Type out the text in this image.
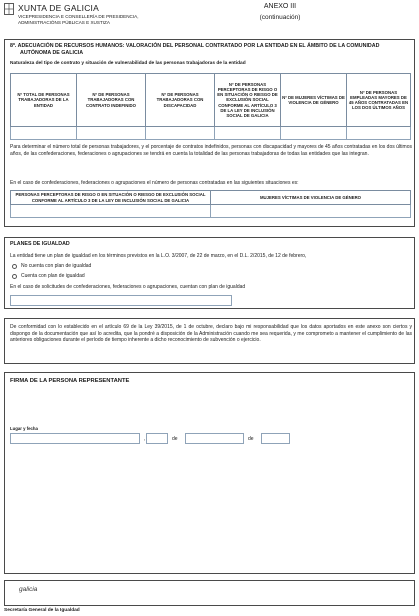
XUNTA DE GALICIA
VICEPRESIDENCIA E CONSELLERÍA DE PRESIDENCIA,
ADMINISTRACIÓNS PÚBLICAS E XUSTIZA
ANEXO III
(continuación)
8º. ADECUACIÓN DE RECURSOS HUMANOS: VALORACIÓN DEL PERSONAL CONTRATADO POR LA ENTIDAD EN EL ÁMBITO DE LA COMUNIDAD
AUTÓNOMA DE GALICIA
Naturaleza del tipo de contrato y situación de vulnerabilidad de las personas trabajadoras de la entidad
Nº TOTAL DE PERSONAS TRABAJADORAS DE LA ENTIDAD	Nº DE PERSONAS TRABAJADORAS CON CONTRATO INDEFINIDO	Nº DE PERSONAS TRABAJADORAS CON DISCAPACIDAD	Nº DE PERSONAS PERCEPTORAS DE RISGO O EN SITUACIÓN O RIESGO DE EXCLUSIÓN SOCIAL CONFORME AL ARTÍCULO 3 DE LA LEY DE INCLUSIÓN SOCIAL DE GALICIA	Nº DE MUJERES VÍCTIMAS DE VIOLENCIA DE GÉNERO	Nº DE PERSONAS EMPLEADAS MAYORES DE 45 AÑOS CONTRATADAS EN LOS DOS ÚLTIMOS AÑOS

Para determinar el número total de personas trabajadores, y el porcentaje de contratos indefinidos, personas con discapacidad y mayores de 45 años contratadas en los dos últimos años, de las confederaciones, federaciones o agrupaciones se tendrá en cuenta la totalidad de las personas trabajadoras de todas las entidades que las integran.
En el caso de confederaciones, federaciones o agrupaciones el número de personas contratadas en las siguientes situaciones es:
PERSONAS PERCEPTORAS DE RISGO O EN SITUACIÓN O RIESGO DE EXCLUSIÓN SOCIAL CONFORME AL ARTÍCULO 3 DE LA LEY DE INCLUSIÓN SOCIAL DE GALICIA	MUJERES VÍCTIMAS DE VIOLENCIA DE GÉNERO

PLANES DE IGUALDAD
La entidad tiene un plan de igualdad en los términos previstos en la L.O. 3/2007, de 22 de marzo, en el D.L. 2/2015, de 12 de febrero,
No cuenta con plan de igualdad
Cuenta con plan de igualdad
En el caso de solicitudes de confederaciones, federaciones o agrupaciones, cuentan con plan de igualdad
De conformidad con lo establecido en el artículo 69 de la Ley 39/2015, de 1 de octubre, declaro bajo mi responsabilidad que los datos aportados en este anexo son ciertos y dispongo de la documentación que así lo acredita, que la pondré a disposición de la Administración cuando me sea requerida, y me comprometo a mantener el cumplimiento de las anteriores obligaciones durante el período de tiempo inherente a dicho reconocimiento de subvención o ejercicio.
FIRMA DE LA PERSONA REPRESENTANTE
Lugar y fecha
,	de	de
galicia
Secretaría General de la Igualdad
